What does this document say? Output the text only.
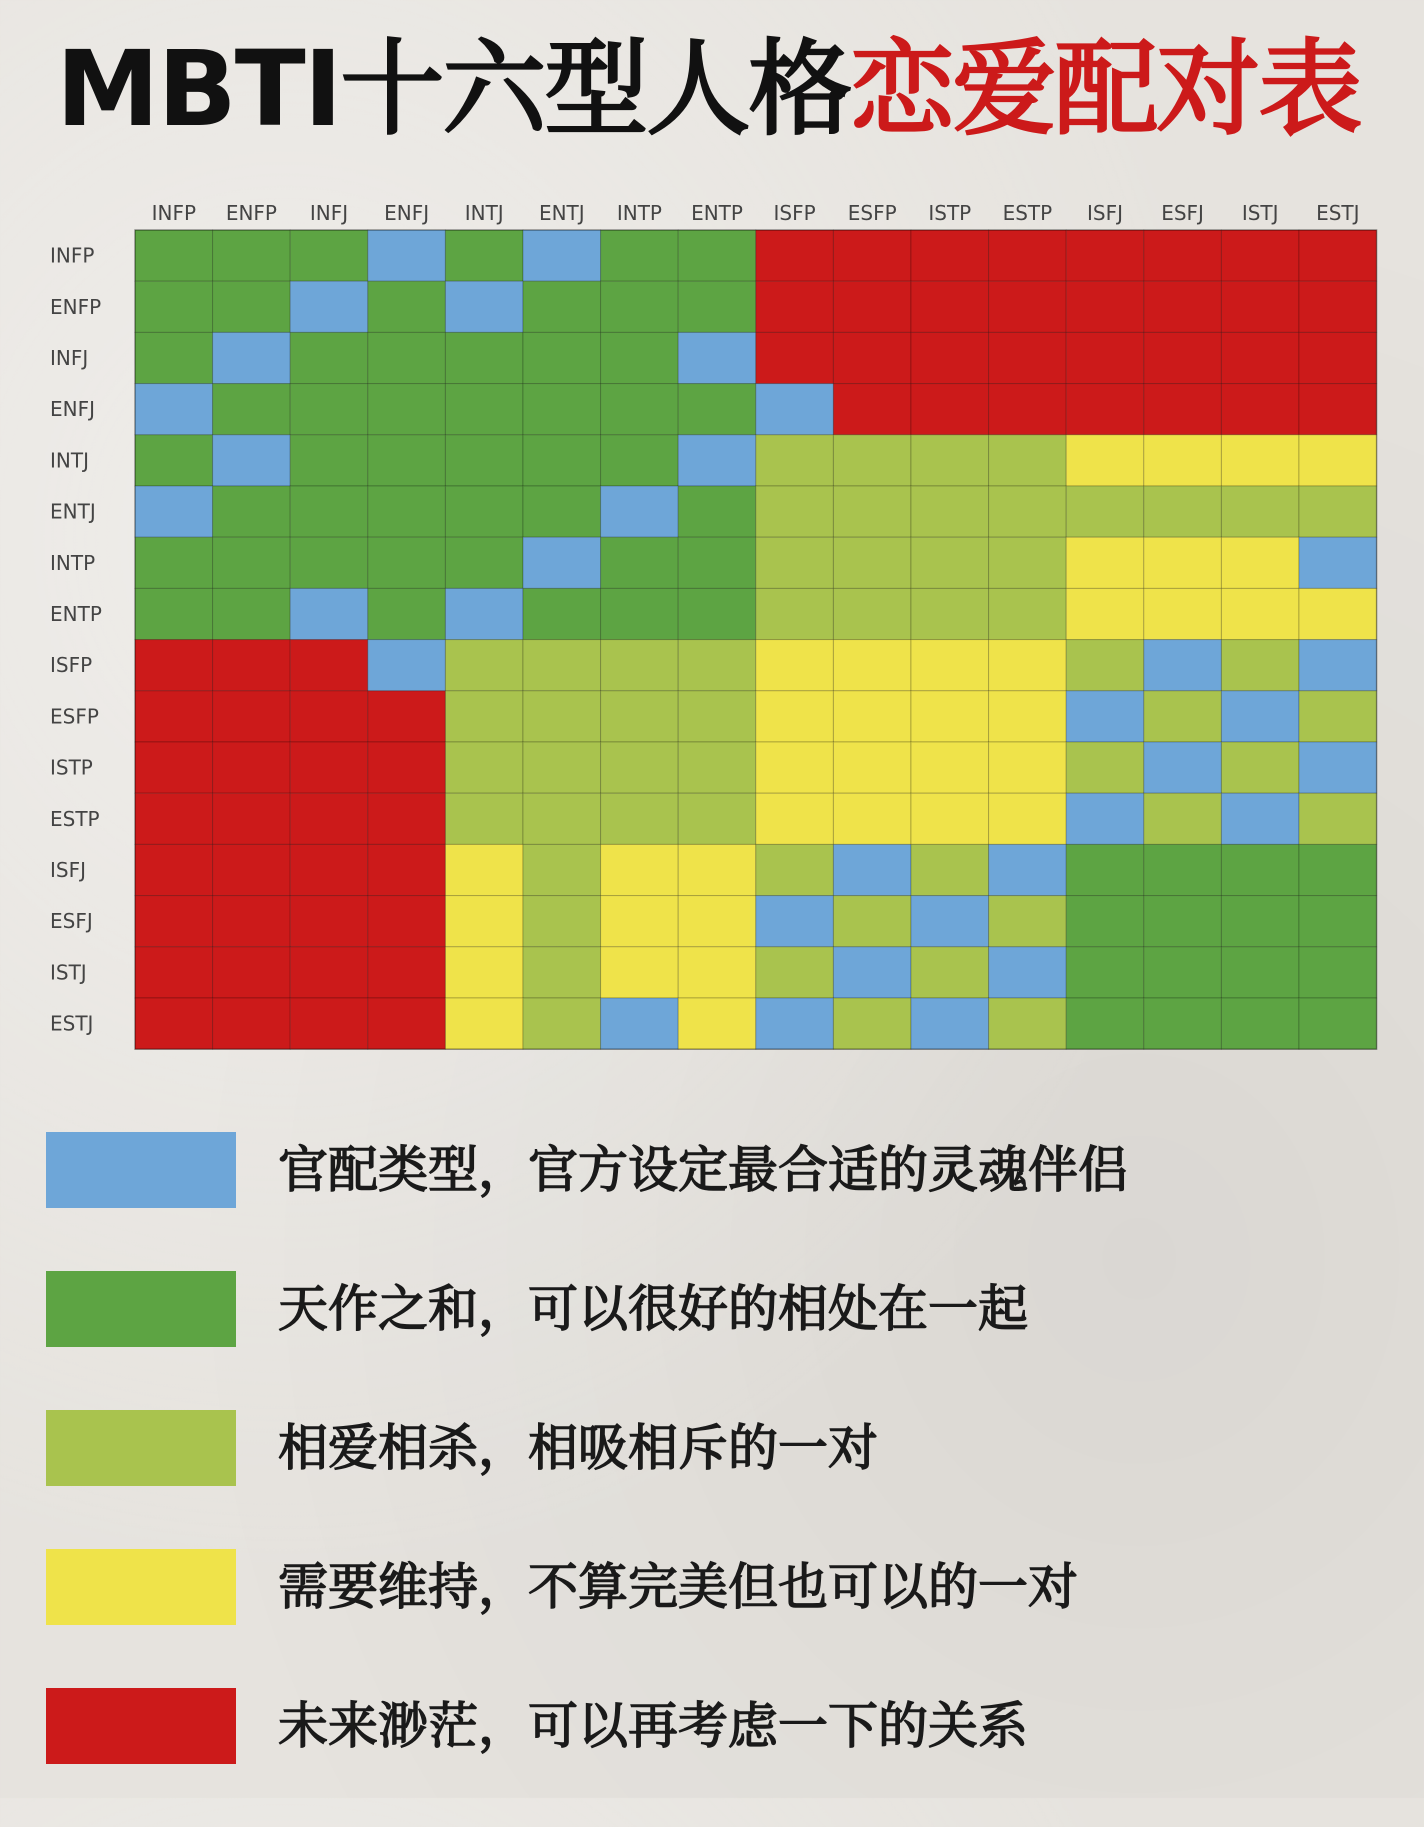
MBTI十六型人格恋爱配对表
INFP ENFP INFJ ENFJ INTJ ENTJ INTP ENTP ISFP ESFP ISTP ESTP ISFJ ESFJ ISTJ ESTJ
INFP
ENFP
INFJ
ENFJ
INTJ
ENTJ
INTP
ENTP
ISFP
ESFP
ISTP
ESTP
ISFJ
ESFJ
ISTJ
ESTJ
官配类型，官方设定最合适的灵魂伴侣
天作之和，可以很好的相处在一起
相爱相杀，相吸相斥的一对
需要维持，不算完美但也可以的一对
未来渺茫，可以再考虑一下的关系
